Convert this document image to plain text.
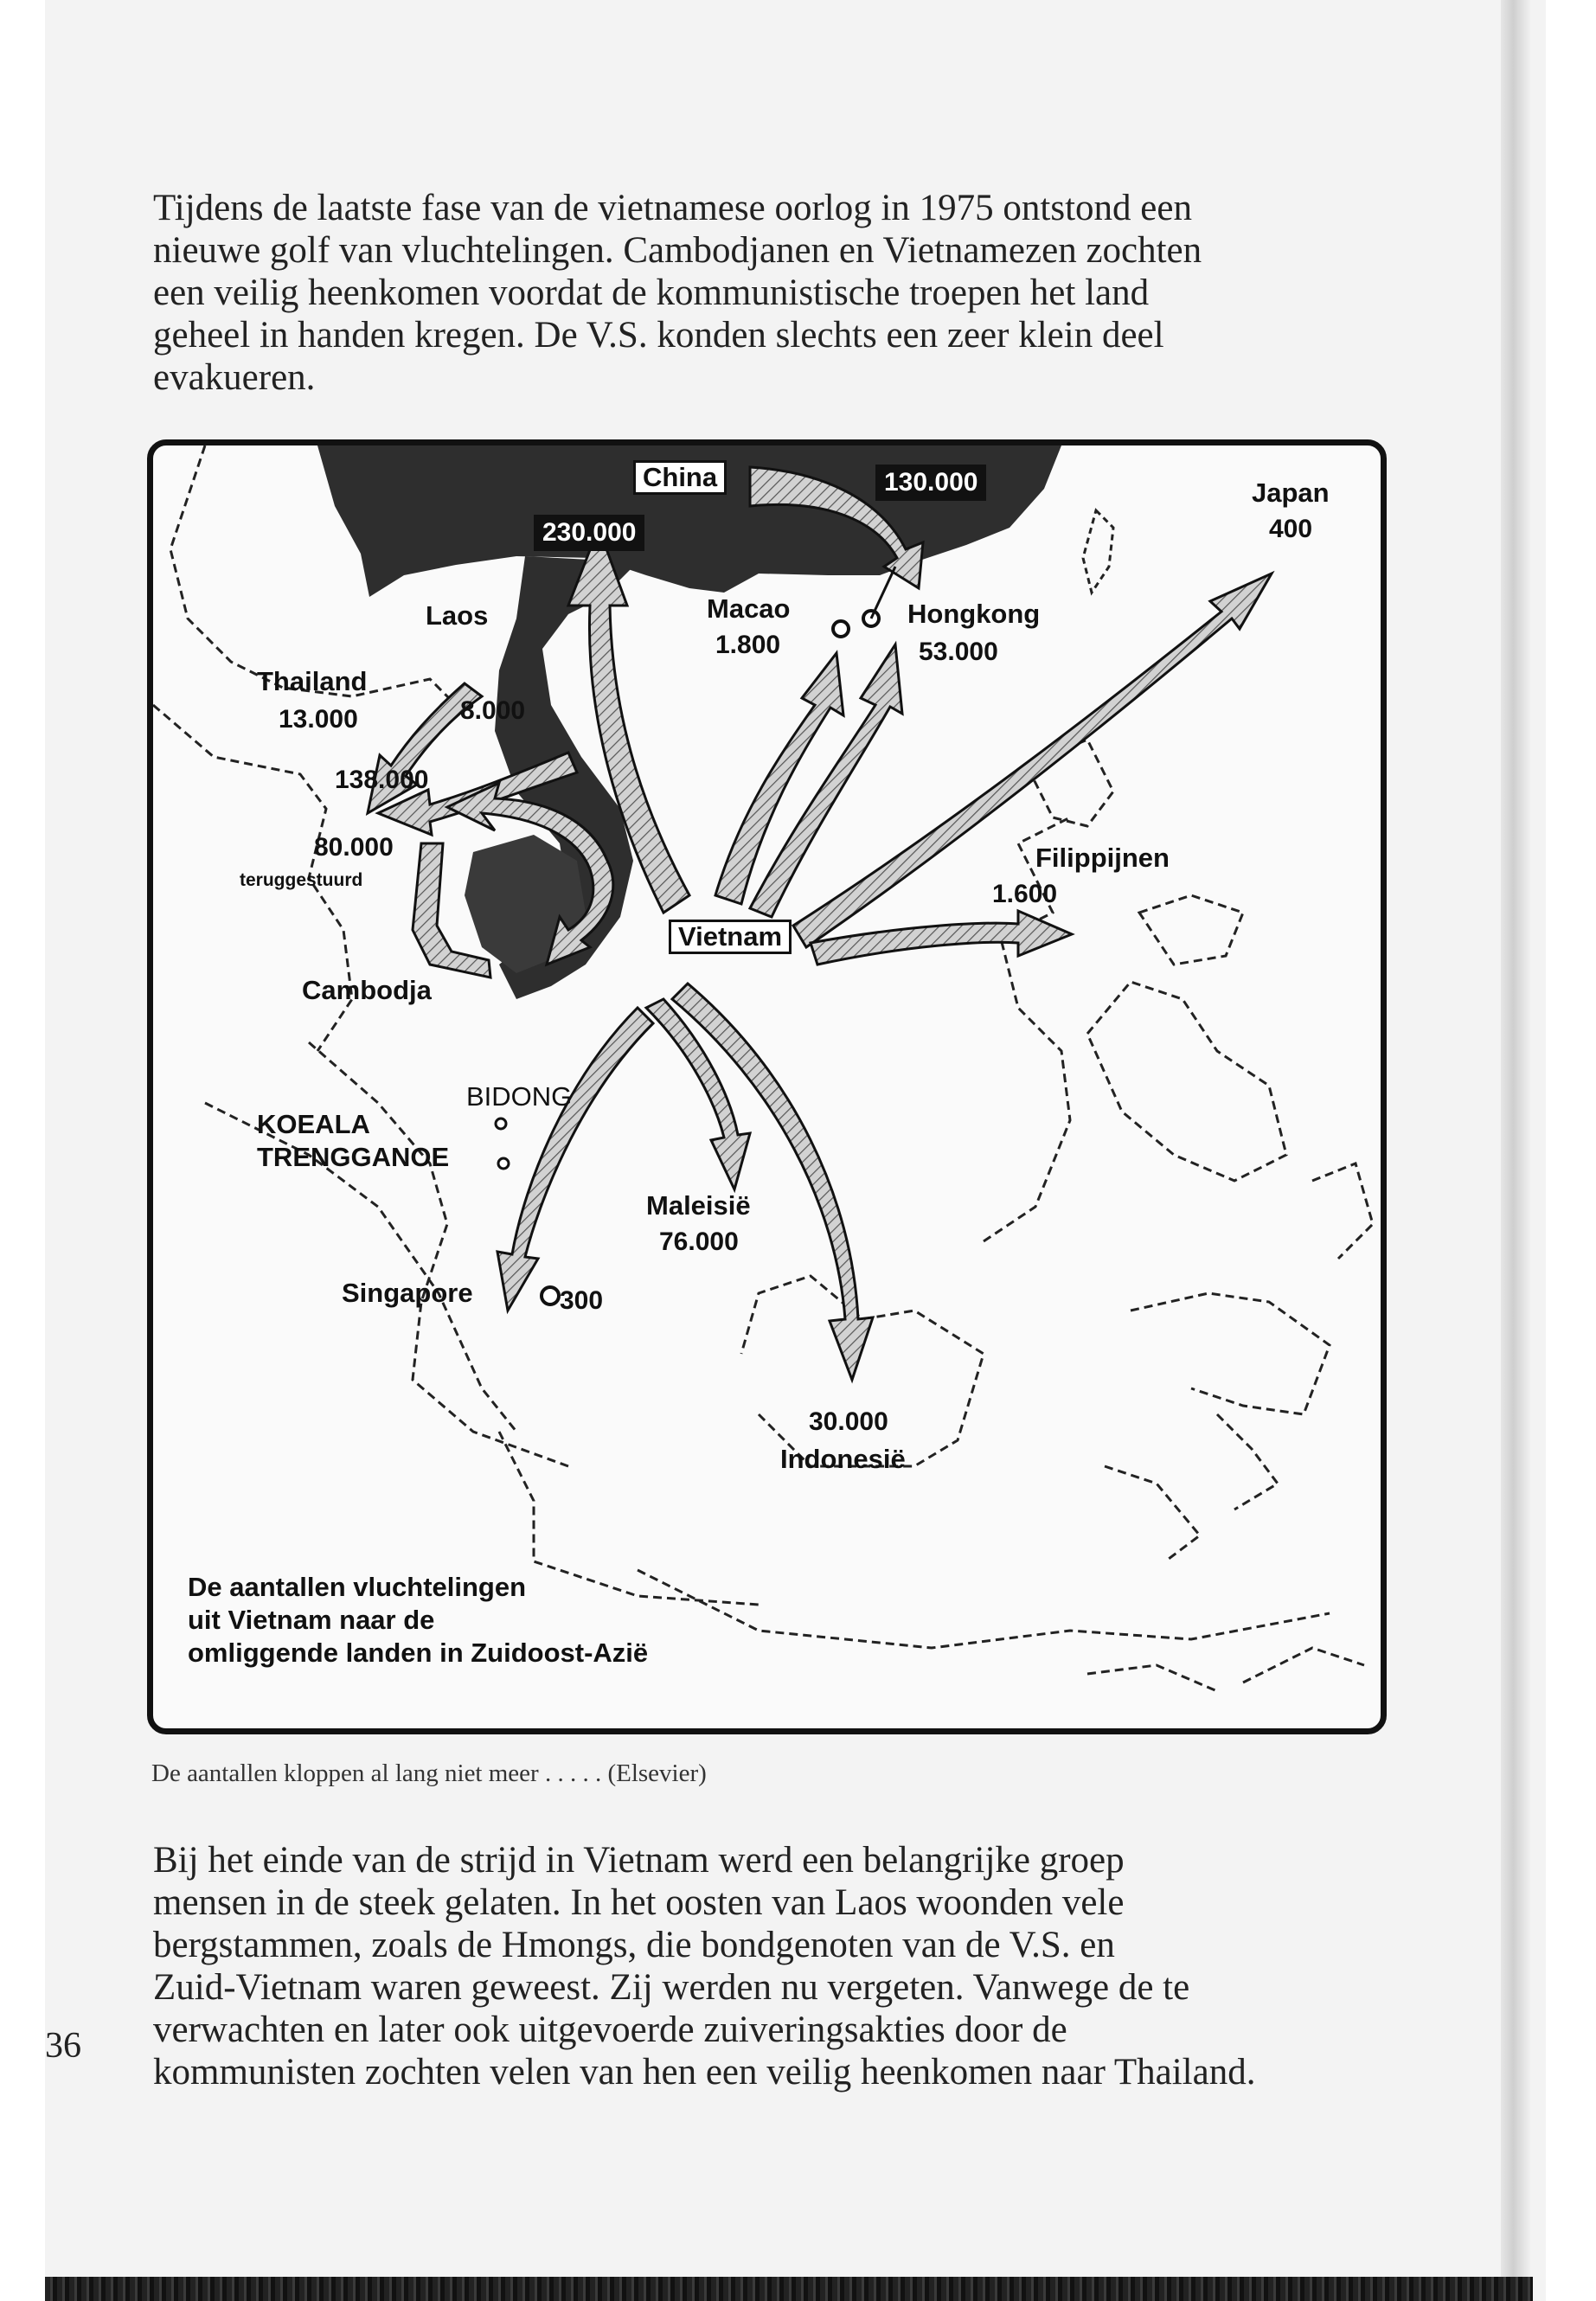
Tijdens de laatste fase van de vietnamese oorlog in 1975 ontstond een
nieuwe golf van vluchtelingen. Cambodjanen en Vietnamezen zochten
een veilig heenkomen voordat de kommunistische troepen het land
geheel in handen kregen. De V.S. konden slechts een zeer klein deel
evakueren.

China
230.000
130.000	Japan
400
Macao
1.800
Hongkong
53.000
Laos
8.000
Thailand
13.000
138.000
80.000
teruggestuurd
Filippijnen
1.600
Vietnam
Cambodja
BIDONG
KOEALA
TRENGGANOE
Maleisië
76.000
Singapore	300
30.000
Indonesië

De aantallen vluchtelingen
uit Vietnam naar de
omliggende landen in Zuidoost-Azië

De aantallen kloppen al lang niet meer . . . . . (Elsevier)

Bij het einde van de strijd in Vietnam werd een belangrijke groep
mensen in de steek gelaten. In het oosten van Laos woonden vele
bergstammen, zoals de Hmongs, die bondgenoten van de V.S. en
Zuid-Vietnam waren geweest. Zij werden nu vergeten. Vanwege de te
verwachten en later ook uitgevoerde zuiveringsakties door de
kommunisten zochten velen van hen een veilig heenkomen naar Thailand.

36
